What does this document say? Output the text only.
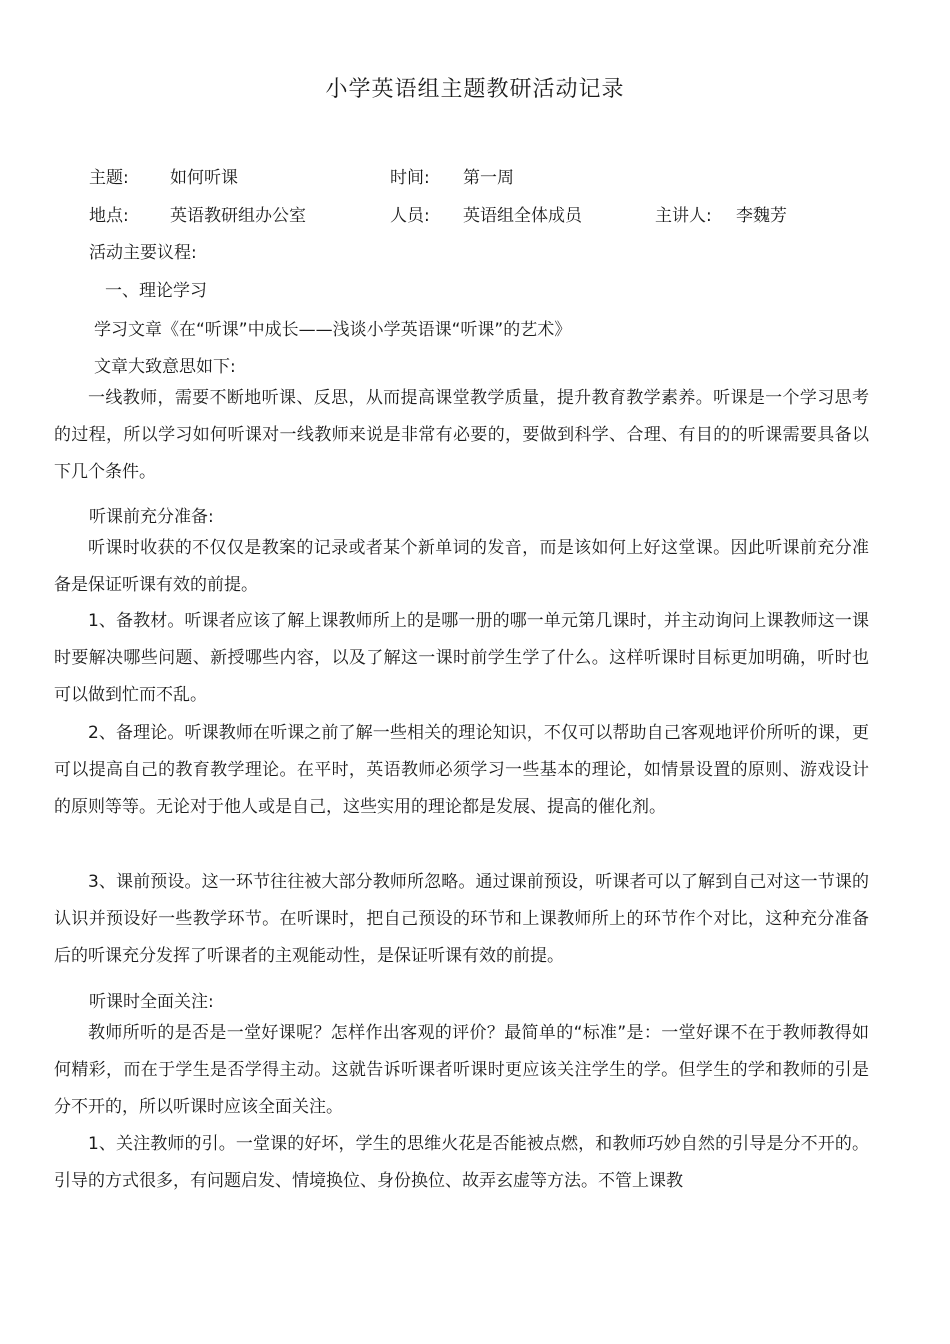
小学英语组主题教研活动记录
主题: 如何听课	时间: 第一周
地点: 英语教研组办公室	人员: 英语组全体成员	主讲人: 李魏芳
活动主要议程:
一、理论学习
学习文章《在“听课”中成长——浅谈小学英语课“听课”的艺术》
文章大致意思如下:
一线教师，需要不断地听课、反思，从而提高课堂教学质量，提升教育教学素养。听课是一个学习思考的过程，所以学习如何听课对一线教师来说是非常有必要的，要做到科学、合理、有目的的听课需要具备以下几个条件。
听课前充分准备:
听课时收获的不仅仅是教案的记录或者某个新单词的发音，而是该如何上好这堂课。因此听课前充分准备是保证听课有效的前提。
1、备教材。听课者应该了解上课教师所上的是哪一册的哪一单元第几课时，并主动询问上课教师这一课时要解决哪些问题、新授哪些内容，以及了解这一课时前学生学了什么。这样听课时目标更加明确，听时也可以做到忙而不乱。
2、备理论。听课教师在听课之前了解一些相关的理论知识，不仅可以帮助自己客观地评价所听的课，更可以提高自己的教育教学理论。在平时，英语教师必须学习一些基本的理论，如情景设置的原则、游戏设计的原则等等。无论对于他人或是自己，这些实用的理论都是发展、提高的催化剂。
3、课前预设。这一环节往往被大部分教师所忽略。通过课前预设，听课者可以了解到自己对这一节课的认识并预设好一些教学环节。在听课时，把自己预设的环节和上课教师所上的环节作个对比，这种充分准备后的听课充分发挥了听课者的主观能动性，是保证听课有效的前提。
听课时全面关注:
教师所听的是否是一堂好课呢？怎样作出客观的评价？最简单的“标准”是：一堂好课不在于教师教得如何精彩，而在于学生是否学得主动。这就告诉听课者听课时更应该关注学生的学。但学生的学和教师的引是分不开的，所以听课时应该全面关注。
1、关注教师的引。一堂课的好坏，学生的思维火花是否能被点燃，和教师巧妙自然的引导是分不开的。引导的方式很多，有问题启发、情境换位、身份换位、故弄玄虚等方法。不管上课教
